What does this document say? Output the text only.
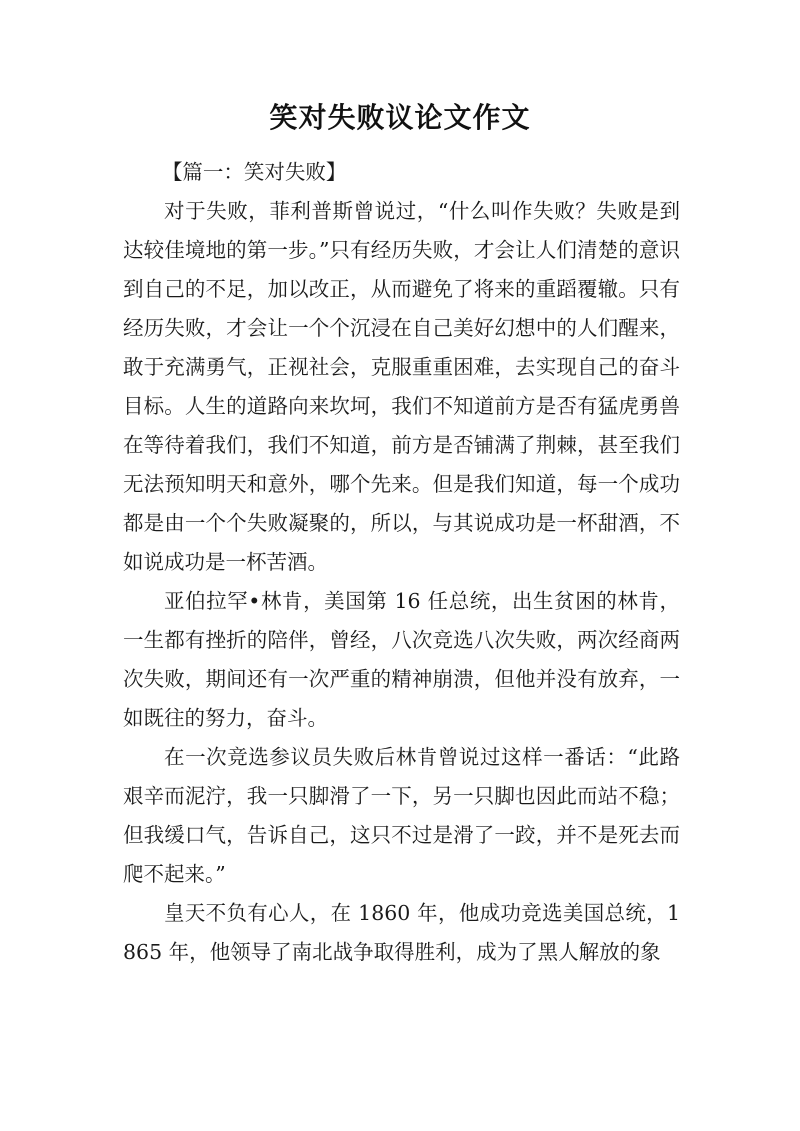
笑对失败议论文作文

【篇一：笑对失败】

对于失败，菲利普斯曾说过，“什么叫作失败？失败是到达较佳境地的第一步。”只有经历失败，才会让人们清楚的意识到自己的不足，加以改正，从而避免了将来的重蹈覆辙。只有经历失败，才会让一个个沉浸在自己美好幻想中的人们醒来，敢于充满勇气，正视社会，克服重重困难，去实现自己的奋斗目标。人生的道路向来坎坷，我们不知道前方是否有猛虎勇兽在等待着我们，我们不知道，前方是否铺满了荆棘，甚至我们无法预知明天和意外，哪个先来。但是我们知道，每一个成功都是由一个个失败凝聚的，所以，与其说成功是一杯甜酒，不如说成功是一杯苦酒。

亚伯拉罕•林肯，美国第 16 任总统，出生贫困的林肯，一生都有挫折的陪伴，曾经，八次竞选八次失败，两次经商两次失败，期间还有一次严重的精神崩溃，但他并没有放弃，一如既往的努力，奋斗。

在一次竞选参议员失败后林肯曾说过这样一番话：“此路艰辛而泥泞，我一只脚滑了一下，另一只脚也因此而站不稳；但我缓口气，告诉自己，这只不过是滑了一跤，并不是死去而爬不起来。”

皇天不负有心人，在 1860 年，他成功竞选美国总统，1865 年，他领导了南北战争取得胜利，成为了黑人解放的象
